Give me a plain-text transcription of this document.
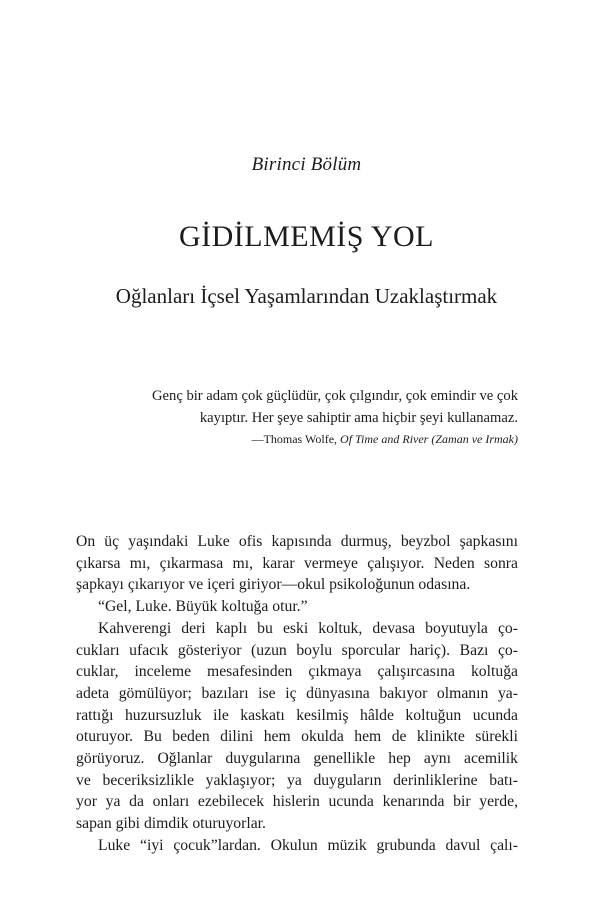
Birinci Bölüm
GİDİLMEMİŞ YOL
Oğlanları İçsel Yaşamlarından Uzaklaştırmak
Genç bir adam çok güçlüdür, çok çılgındır, çok emindir ve çok
kayıptır. Her şeye sahiptir ama hiçbir şeyi kullanamaz.
—Thomas Wolfe, Of Time and River (Zaman ve Irmak)
On üç yaşındaki Luke ofis kapısında durmuş, beyzbol şapkasını
çıkarsa mı, çıkarmasa mı, karar vermeye çalışıyor. Neden sonra
şapkayı çıkarıyor ve içeri giriyor—okul psikoloğunun odasına.
“Gel, Luke. Büyük koltuğa otur.”
Kahverengi deri kaplı bu eski koltuk, devasa boyutuyla ço-
cukları ufacık gösteriyor (uzun boylu sporcular hariç). Bazı ço-
cuklar, inceleme mesafesinden çıkmaya çalışırcasına koltuğa
adeta gömülüyor; bazıları ise iç dünyasına bakıyor olmanın ya-
rattığı huzursuzluk ile kaskatı kesilmiş hâlde koltuğun ucunda
oturuyor. Bu beden dilini hem okulda hem de klinikte sürekli
görüyoruz. Oğlanlar duygularına genellikle hep aynı acemilik
ve beceriksizlikle yaklaşıyor; ya duyguların derinliklerine batı-
yor ya da onları ezebilecek hislerin ucunda kenarında bir yerde,
sapan gibi dimdik oturuyorlar.
Luke “iyi çocuk”lardan. Okulun müzik grubunda davul çalı-
